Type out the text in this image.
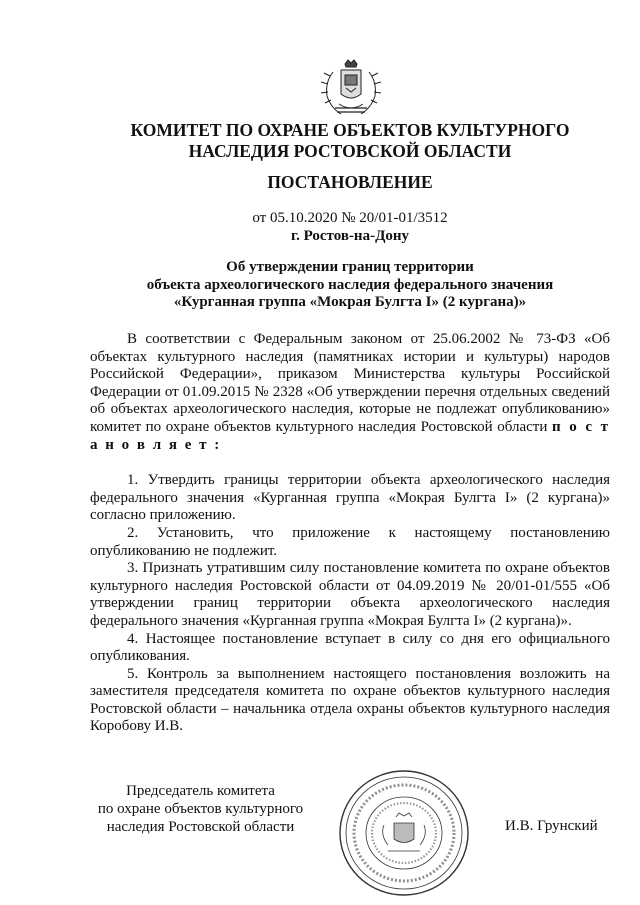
КОМИТЕТ ПО ОХРАНЕ ОБЪЕКТОВ КУЛЬТУРНОГО
НАСЛЕДИЯ РОСТОВСКОЙ ОБЛАСТИ
ПОСТАНОВЛЕНИЕ
от 05.10.2020 № 20/01-01/3512
г. Ростов-на-Дону
Об утверждении границ территории
объекта археологического наследия федерального значения
«Курганная группа «Мокрая Булгта I» (2 кургана)»

В соответствии с Федеральным законом от 25.06.2002 № 73-ФЗ «Об объектах культурного наследия (памятниках истории и культуры) народов Российской Федерации», приказом Министерства культуры Российской Федерации от 01.09.2015 № 2328 «Об утверждении перечня отдельных сведений об объектах археологического наследия, которые не подлежат опубликованию» комитет по охране объектов культурного наследия Ростовской области п о с т а н о в л я е т :

1. Утвердить границы территории объекта археологического наследия федерального значения «Курганная группа «Мокрая Булгта I» (2 кургана)» согласно приложению.

2. Установить, что приложение к настоящему постановлению опубликованию не подлежит.

3. Признать утратившим силу постановление комитета по охране объектов культурного наследия Ростовской области от 04.09.2019 № 20/01-01/555 «Об утверждении границ территории объекта археологического наследия федерального значения «Курганная группа «Мокрая Булгта I» (2 кургана)».

4. Настоящее постановление вступает в силу со дня его официального опубликования.

5. Контроль за выполнением настоящего постановления возложить на заместителя председателя комитета по охране объектов культурного наследия Ростовской области – начальника отдела охраны объектов культурного наследия Коробову И.В.

Председатель комитета
по охране объектов культурного
наследия Ростовской области	И.В. Грунский
